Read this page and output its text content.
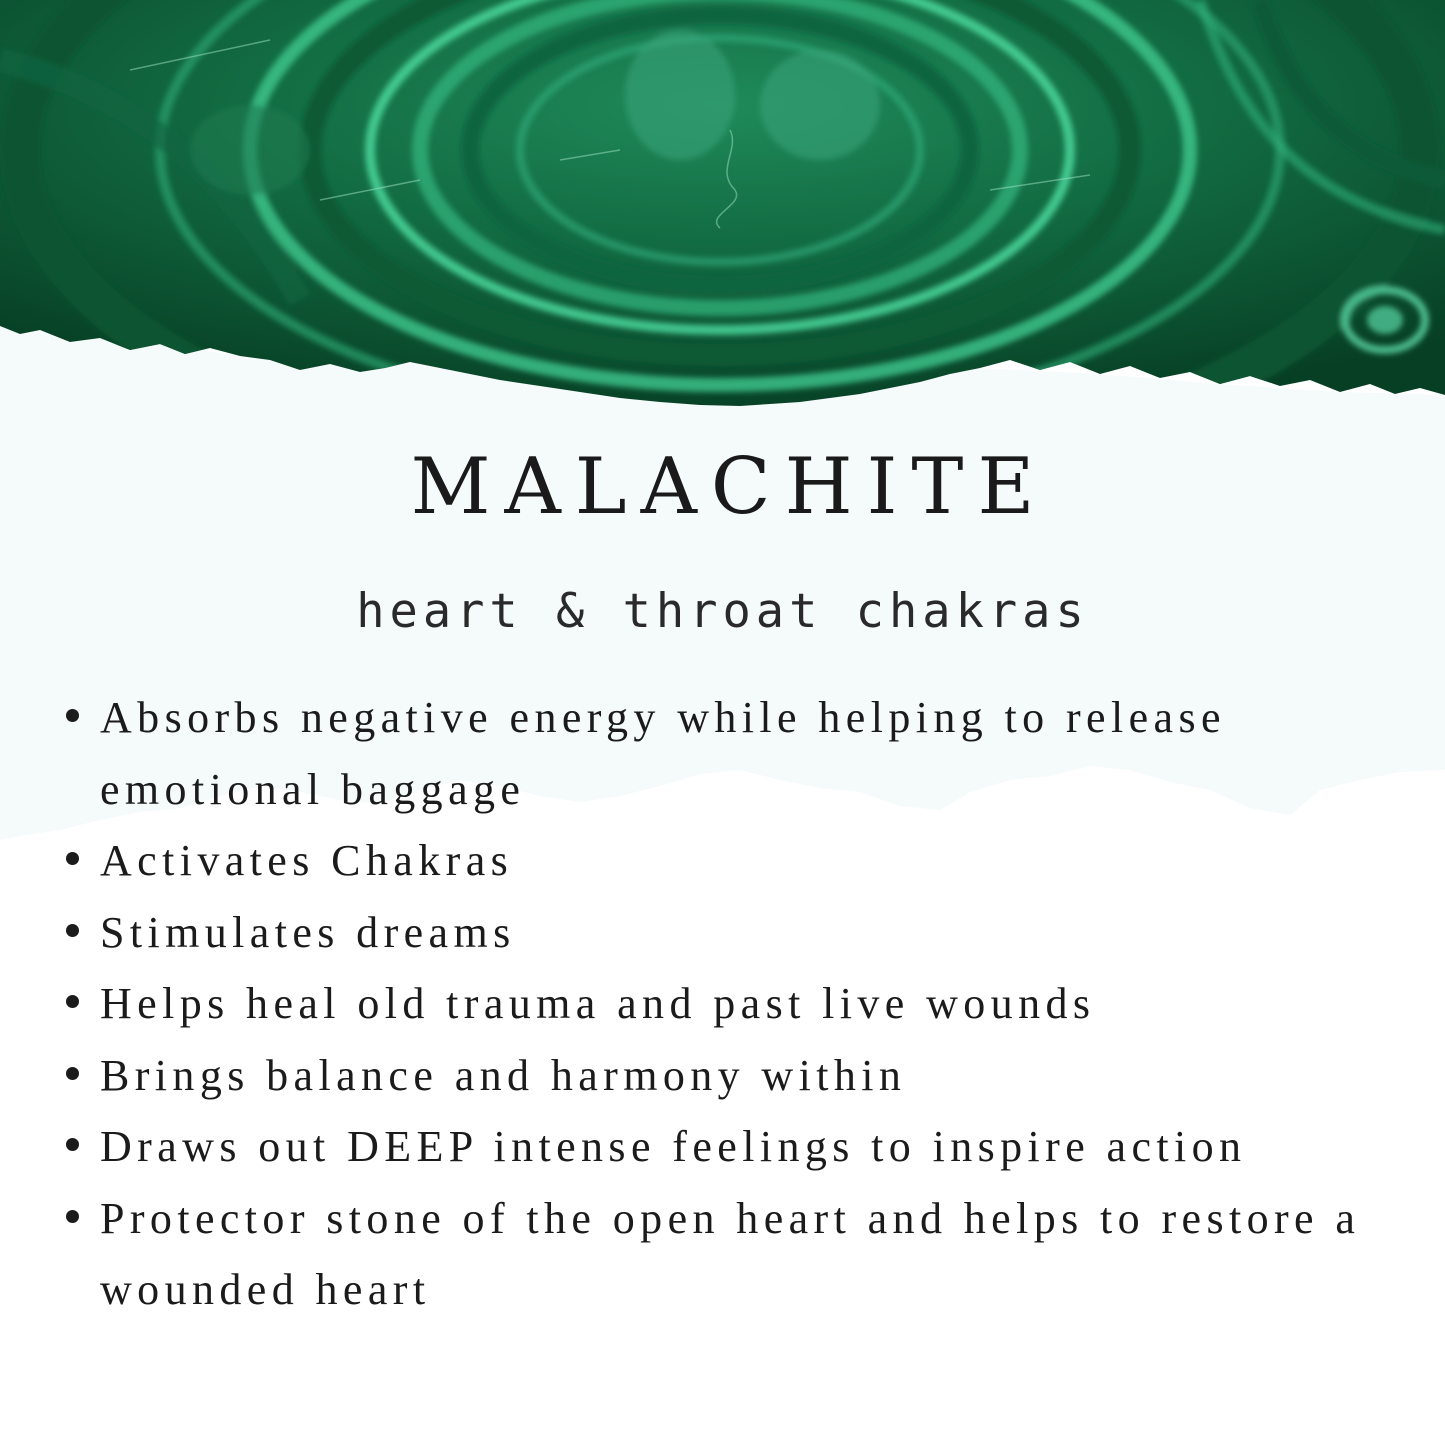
MALACHITE
heart & throat chakras
Absorbs negative energy while helping to release emotional baggage
Activates Chakras
Stimulates dreams
Helps heal old trauma and past live wounds
Brings balance and harmony within
Draws out DEEP intense feelings to inspire action
Protector stone of the open heart and helps to restore a wounded heart
